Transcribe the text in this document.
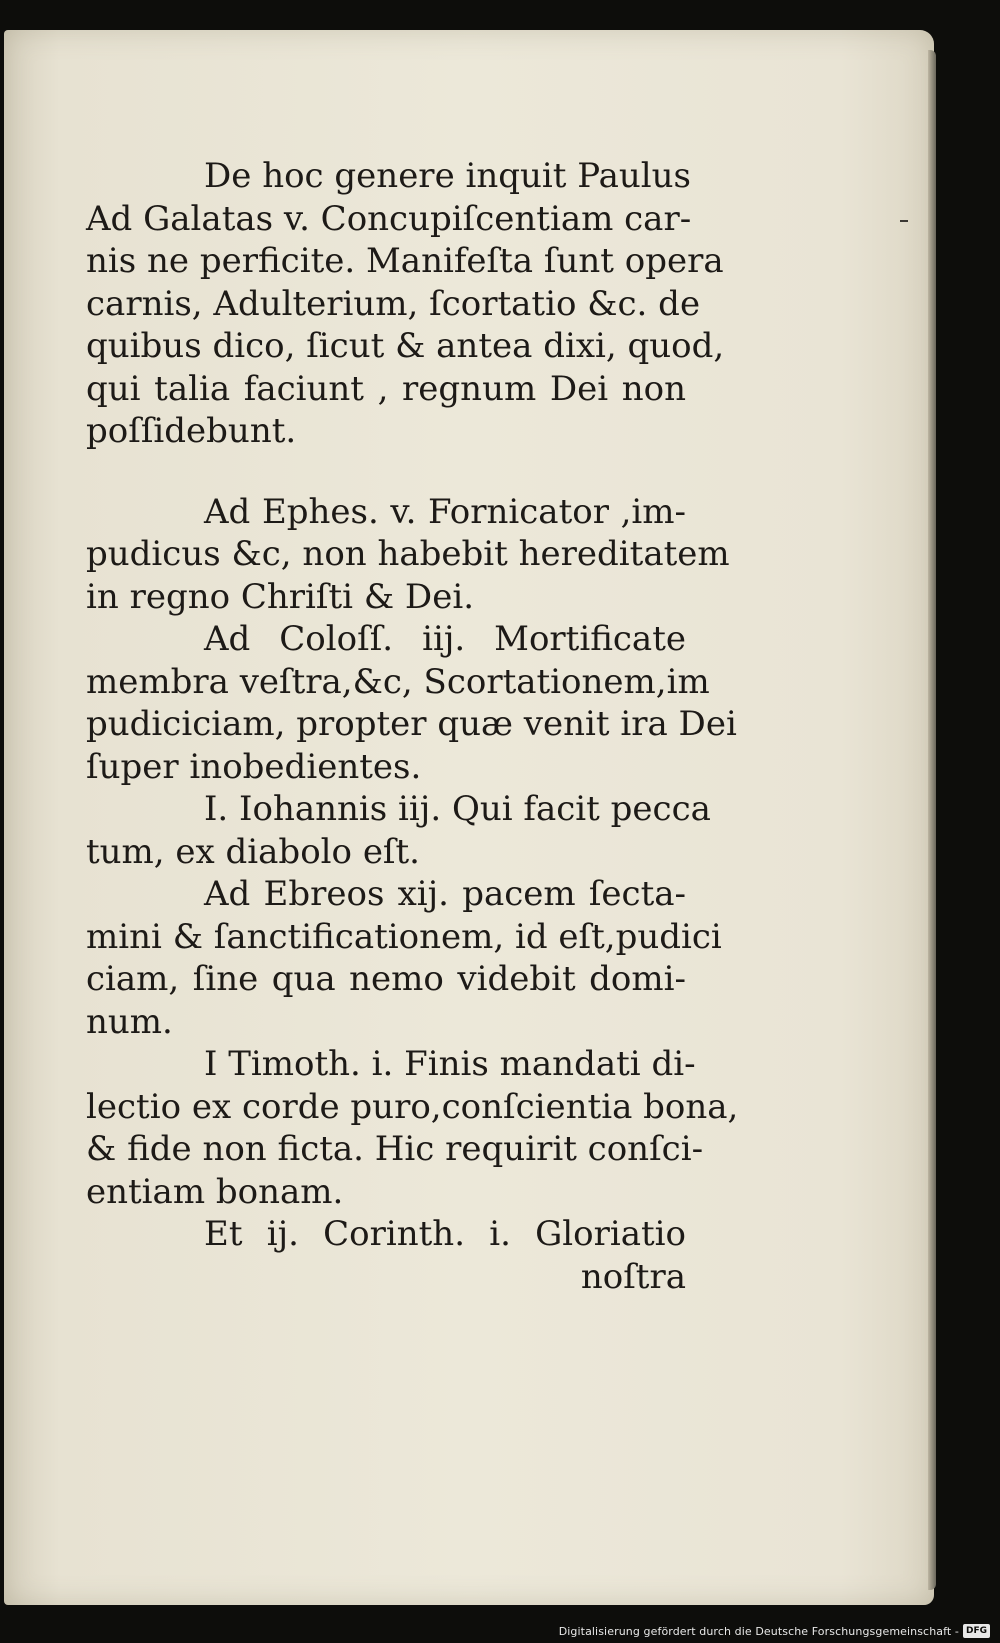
De hoc genere inquit Paulus
Ad Galatas v. Concupiſcentiam car-
nis ne perficite. Manifeſta ſunt opera
carnis, Adulterium, ſcortatio &c. de
quibus dico, ſicut & antea dixi, quod,
qui talia faciunt , regnum Dei non
poſſidebunt.
Ad Ephes. v. Fornicator ,im-
pudicus &c, non habebit hereditatem
in regno Chriſti & Dei.
Ad Coloſſ. iij. Mortificate
membra veſtra,&c, Scortationem,im
pudiciciam, propter quæ venit ira Dei
ſuper inobedientes.
I. Iohannis iij. Qui facit pecca
tum, ex diabolo eſt.
Ad Ebreos xij. pacem ſecta-
mini & ſanctificationem, id eſt,pudici
ciam, ſine qua nemo videbit domi-
num.
I Timoth. i. Finis mandati di-
lectio ex corde puro,conſcientia bona,
& fide non ficta. Hic requirit conſci-
entiam bonam.
Et ij. Corinth. i. Gloriatio
noſtra
Digitalisierung gefördert durch die Deutsche Forschungsgemeinschaft - DFG
